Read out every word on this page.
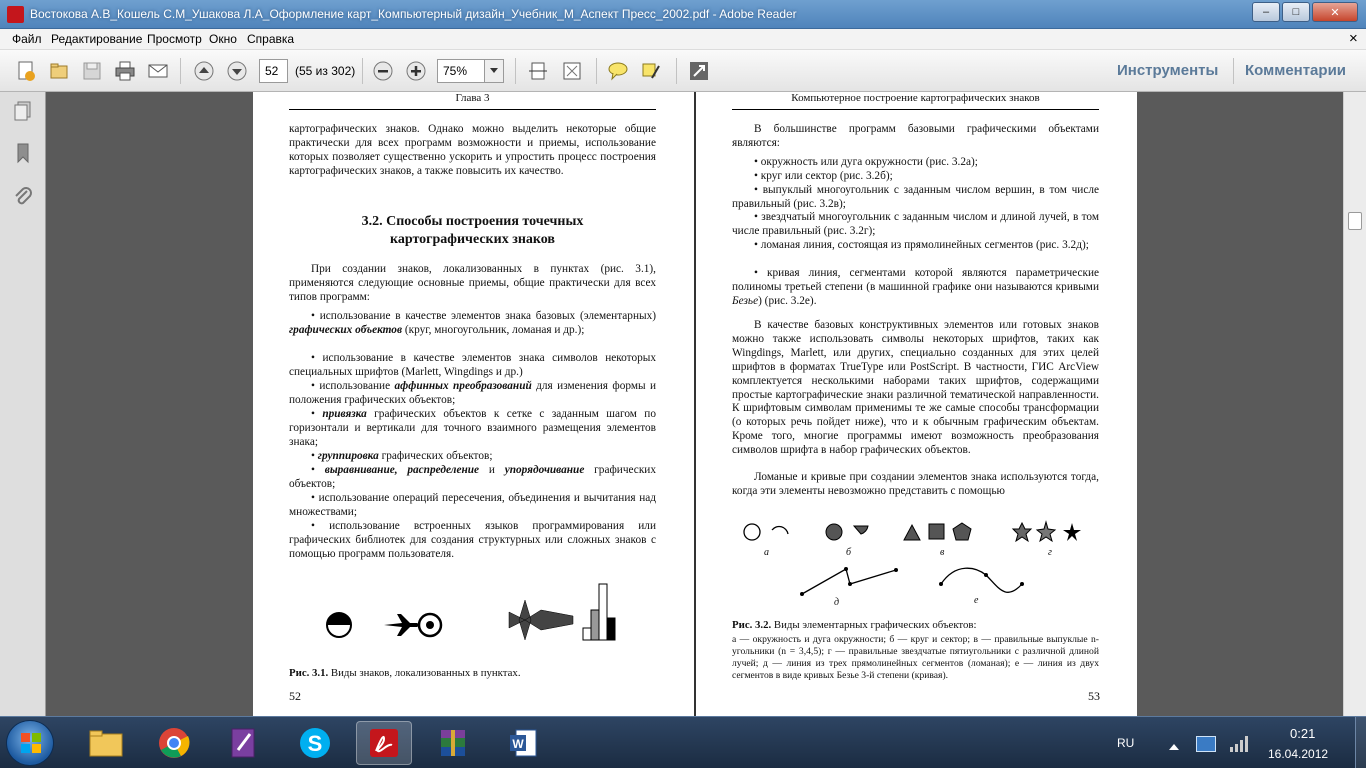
Востокова А.В_Кошель С.М_Ушакова Л.А_Оформление карт_Компьютерный дизайн_Учебник_М_Аспект Пресс_2002.pdf - Adobe Reader	–	□	✕
Файл Редактирование Просмотр Окно Справка	×
52	(55 из 302)	75%	Инструменты Комментарии
Глава 3
картографических знаков. Однако можно выделить некоторые общие практически для всех программ возможности и приемы, использование которых позволяет существенно ускорить и упростить процесс построения картографических знаков, а также повысить их качество.
3.2. Способы построения точечных
картографических знаков
При создании знаков, локализованных в пунктах (рис. 3.1), применяются следующие основные приемы, общие практически для всех типов программ:
• использование в качестве элементов знака базовых (элементарных) графических объектов (круг, многоугольник, ломаная и др.);
• использование в качестве элементов знака символов некоторых специальных шрифтов (Marlett, Wingdings и др.)
• использование аффинных преобразований для изменения формы и положения графических объектов;
• привязка графических объектов к сетке с заданным шагом по горизонтали и вертикали для точного взаимного размещения элементов знака;
• группировка графических объектов;
• выравнивание, распределение и упорядочивание графических объектов;
• использование операций пересечения, объединения и вычитания над множествами;
• использование встроенных языков программирования или графических библиотек для создания структурных или сложных знаков с помощью программ пользователя.
Рис. 3.1. Виды знаков, локализованных в пунктах.
52
Компьютерное построение картографических знаков
В большинстве программ базовыми графическими объектами являются:
• окружность или дуга окружности (рис. 3.2а);
• круг или сектор (рис. 3.2б);
• выпуклый многоугольник с заданным числом вершин, в том числе правильный (рис. 3.2в);
• звездчатый многоугольник с заданным числом и длиной лучей, в том числе правильный (рис. 3.2г);
• ломаная линия, состоящая из прямолинейных сегментов (рис. 3.2д);
• кривая линия, сегментами которой являются параметрические полиномы третьей степени (в машинной графике они называются кривыми Безье) (рис. 3.2е).
В качестве базовых конструктивных элементов или готовых знаков можно также использовать символы некоторых шрифтов, таких как Wingdings, Marlett, или других, специально созданных для этих целей шрифтов в форматах TrueType или PostScript. В частности, ГИС ArcView комплектуется несколькими наборами таких шрифтов, содержащими простые картографические знаки различной тематической направленности. К шрифтовым символам применимы те же самые способы трансформации (о которых речь пойдет ниже), что и к обычным графическим объектам. Кроме того, многие программы имеют возможность преобразования символов шрифта в набор графических объектов.
Ломаные и кривые при создании элементов знака используются тогда, когда эти элементы невозможно представить с помощью
а	б	в	г
д	е
Рис. 3.2. Виды элементарных графических объектов:
а — окружность и дуга окружности; б — круг и сектор; в — правильные выпуклые n-угольники (n = 3,4,5); г — правильные звездчатые пятиугольники с различной длиной лучей; д — линия из трех прямолинейных сегментов (ломаная); е — линия из двух сегментов в виде кривых Безье 3-й степени (кривая).
53
S	W	RU
0:21
16.04.2012
